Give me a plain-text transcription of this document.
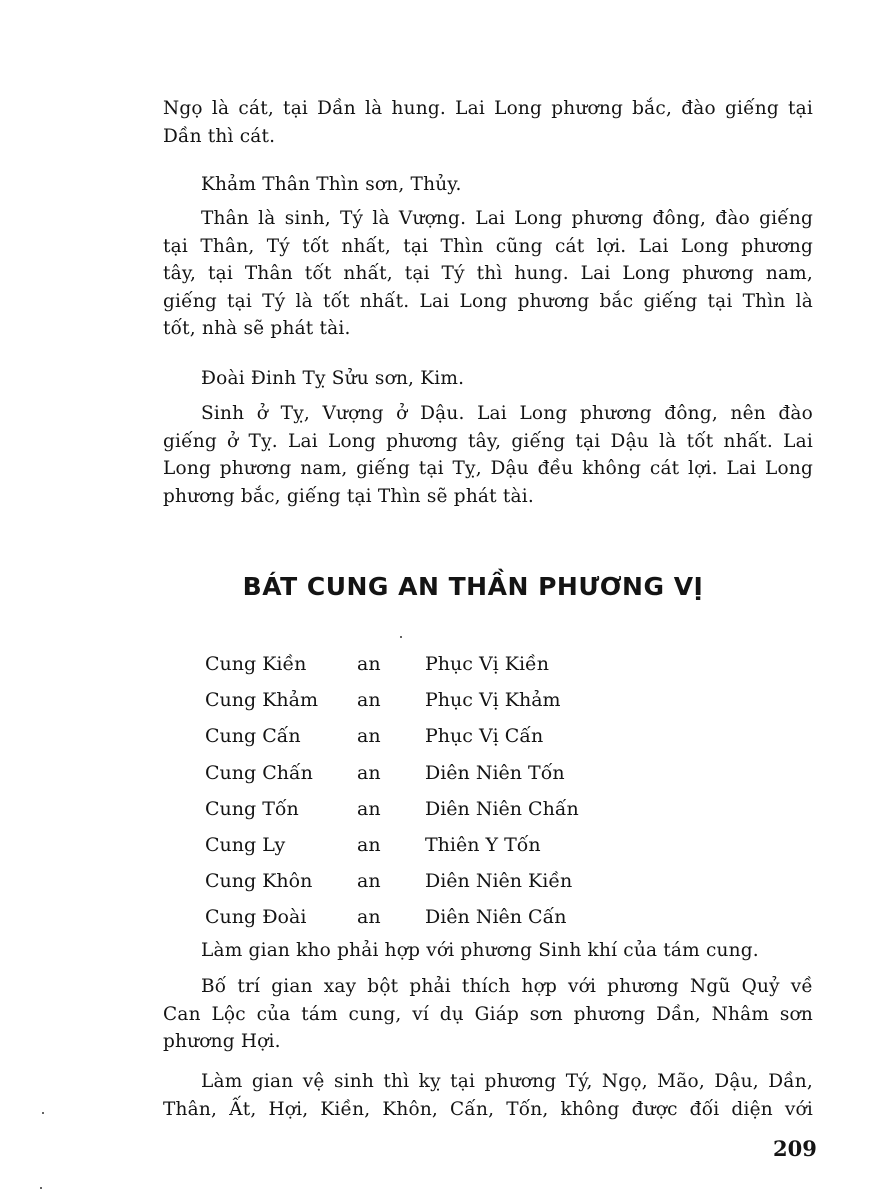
Ngọ là cát, tại Dần là hung. Lai Long phương bắc, đào giếng tại
Dần thì cát.
Khảm Thân Thìn sơn, Thủy.
Thân là sinh, Tý là Vượng. Lai Long phương đông, đào giếng
tại Thân, Tý tốt nhất, tại Thìn cũng cát lợi. Lai Long phương
tây, tại Thân tốt nhất, tại Tý thì hung. Lai Long phương nam,
giếng tại Tý là tốt nhất. Lai Long phương bắc giếng tại Thìn là
tốt, nhà sẽ phát tài.
Đoài Đinh Tỵ Sửu sơn, Kim.
Sinh ở Tỵ, Vượng ở Dậu. Lai Long phương đông, nên đào
giếng ở Tỵ. Lai Long phương tây, giếng tại Dậu là tốt nhất. Lai
Long phương nam, giếng tại Tỵ, Dậu đều không cát lợi. Lai Long
phương bắc, giếng tại Thìn sẽ phát tài.
BÁT CUNG AN THẦN PHƯƠNG VỊ
Cung Kiền	an	Phục Vị Kiền
Cung Khảm	an	Phục Vị Khảm
Cung Cấn	an	Phục Vị Cấn
Cung Chấn	an	Diên Niên Tốn
Cung Tốn	an	Diên Niên Chấn
Cung Ly	an	Thiên Y Tốn
Cung Khôn	an	Diên Niên Kiền
Cung Đoài	an	Diên Niên Cấn
Làm gian kho phải hợp với phương Sinh khí của tám cung.
Bố trí gian xay bột phải thích hợp với phương Ngũ Quỷ về
Can Lộc của tám cung, ví dụ Giáp sơn phương Dần, Nhâm sơn
phương Hợi.
Làm gian vệ sinh thì kỵ tại phương Tý, Ngọ, Mão, Dậu, Dần,
Thân, Ất, Hợi, Kiền, Khôn, Cấn, Tốn, không được đối diện với
209
